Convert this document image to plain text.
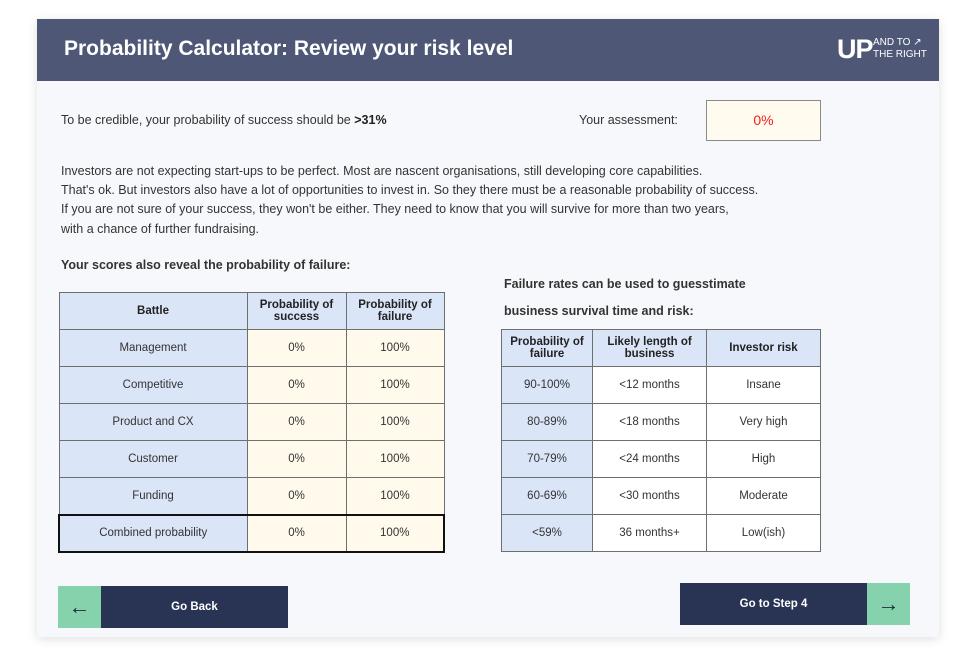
Probability Calculator: Review your risk level	UP AND TO ↗
THE RIGHT
To be credible, your probability of success should be >31%	Your assessment:	0%

Investors are not expecting start-ups to be perfect. Most are nascent organisations, still developing core capabilities.

That's ok. But investors also have a lot of opportunities to invest in. So they there must be a reasonable probability of success.

If you are not sure of your success, they won't be either. They need to know that you will survive for more than two years,

with a chance of further fundraising.

Your scores also reveal the probability of failure:
Battle	Probability of success	Probability of failure
Management	0%	100%
Competitive	0%	100%
Product and CX	0%	100%
Customer	0%	100%
Funding	0%	100%
Combined probability	0%	100%
Failure rates can be used to guesstimate
business survival time and risk:
Probability of failure	Likely length of business	Investor risk
90-100%	<12 months	Insane
80-89%	<18 months	Very high
70-79%	<24 months	High
60-69%	<30 months	Moderate
<59%	36 months+	Low(ish)
←	Go Back	Go to Step 4	→
